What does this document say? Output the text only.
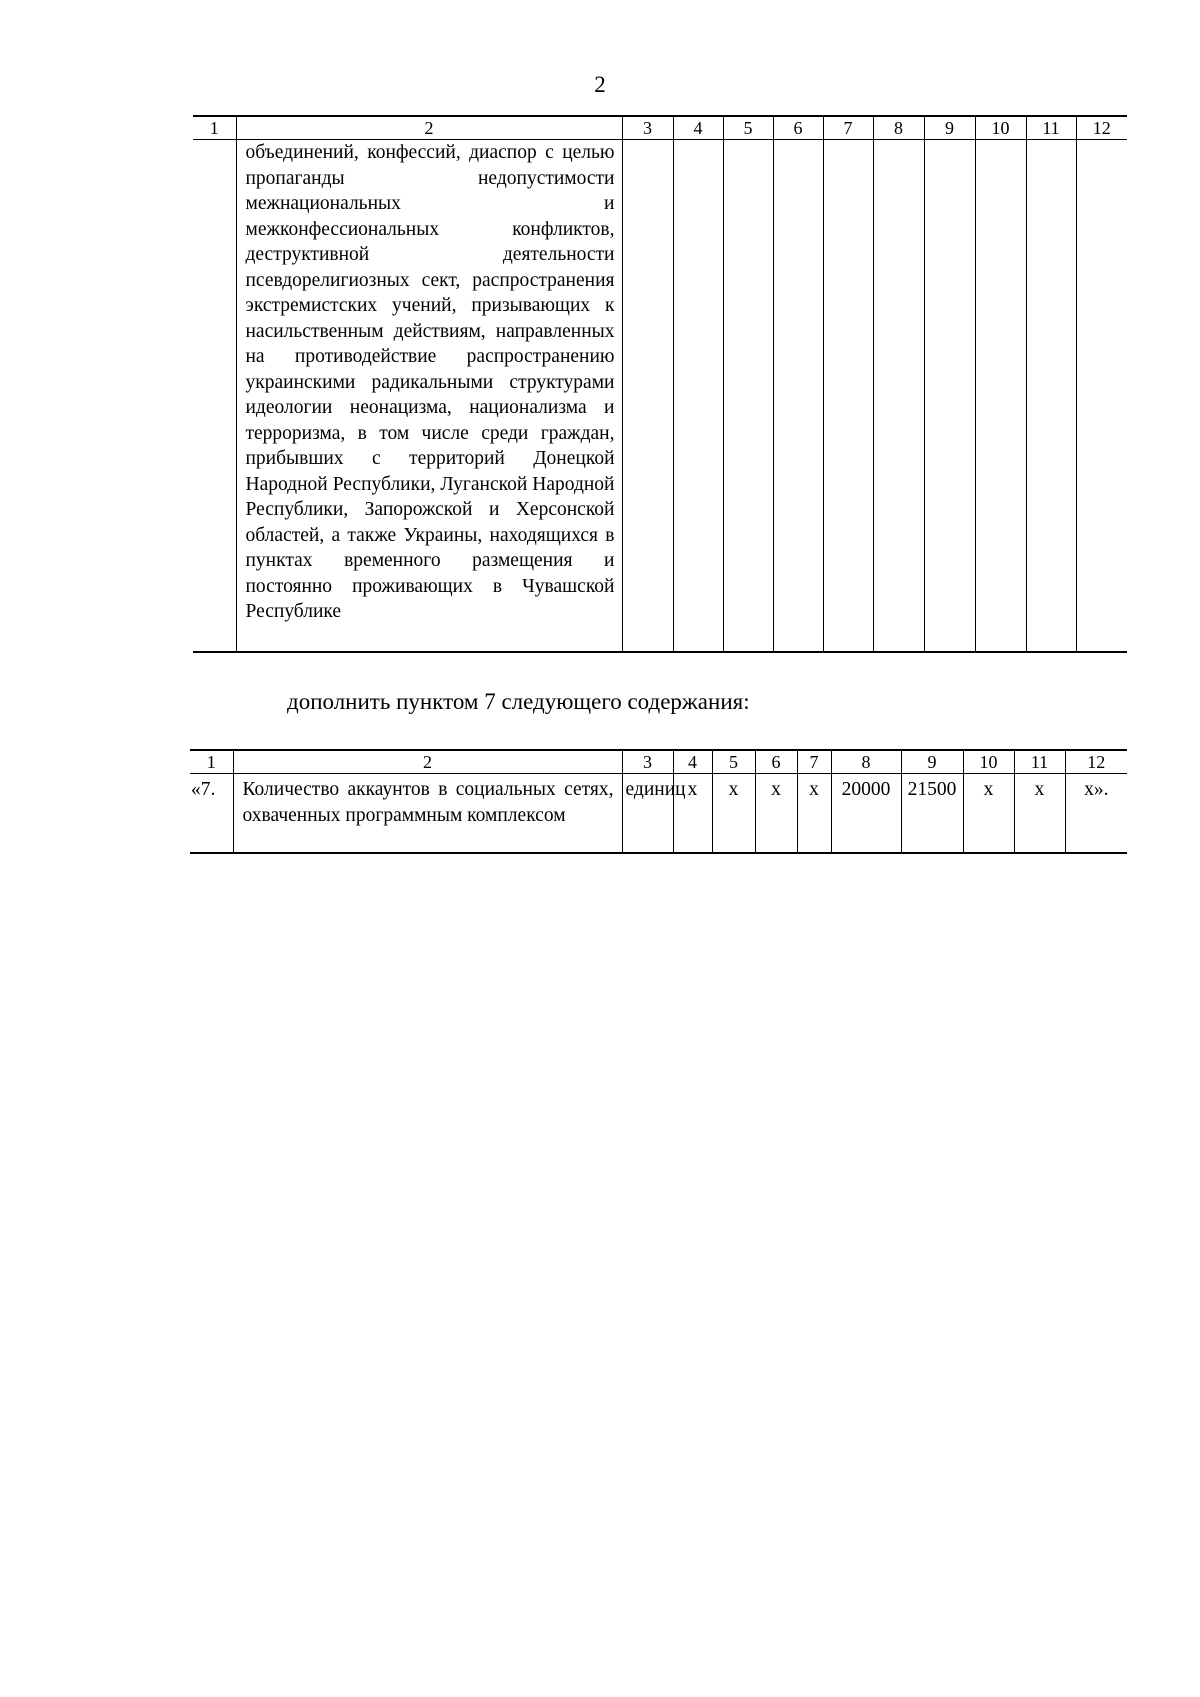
2
1	2	3	4	5	6	7	8	9	10	11	12
	объединений, конфессий, диаспор с целью пропаганды недопустимости межнациональных и межконфессиональных конфликтов, деструктивной деятельности псевдорелигиозных сект, распространения экстремистских учений, призывающих к насильственным действиям, направленных на противодействие распространению украинскими радикальными структурами идеологии неонацизма, национализма и терроризма, в том числе среди граждан, прибывших с территорий Донецкой Народной Республики, Луганской Народной Республики, Запорожской и Херсонской областей, а также Украины, находящихся в пунктах временного размещения и постоянно проживающих в Чувашской Республике										
дополнить пунктом 7 следующего содержания:
1	2	3	4	5	6	7	8	9	10	11	12
«7.	Количество аккаунтов в социальных сетях, охваченных программным комплексом	единиц	х	х	х	х	20000	21500	х	х	х».
